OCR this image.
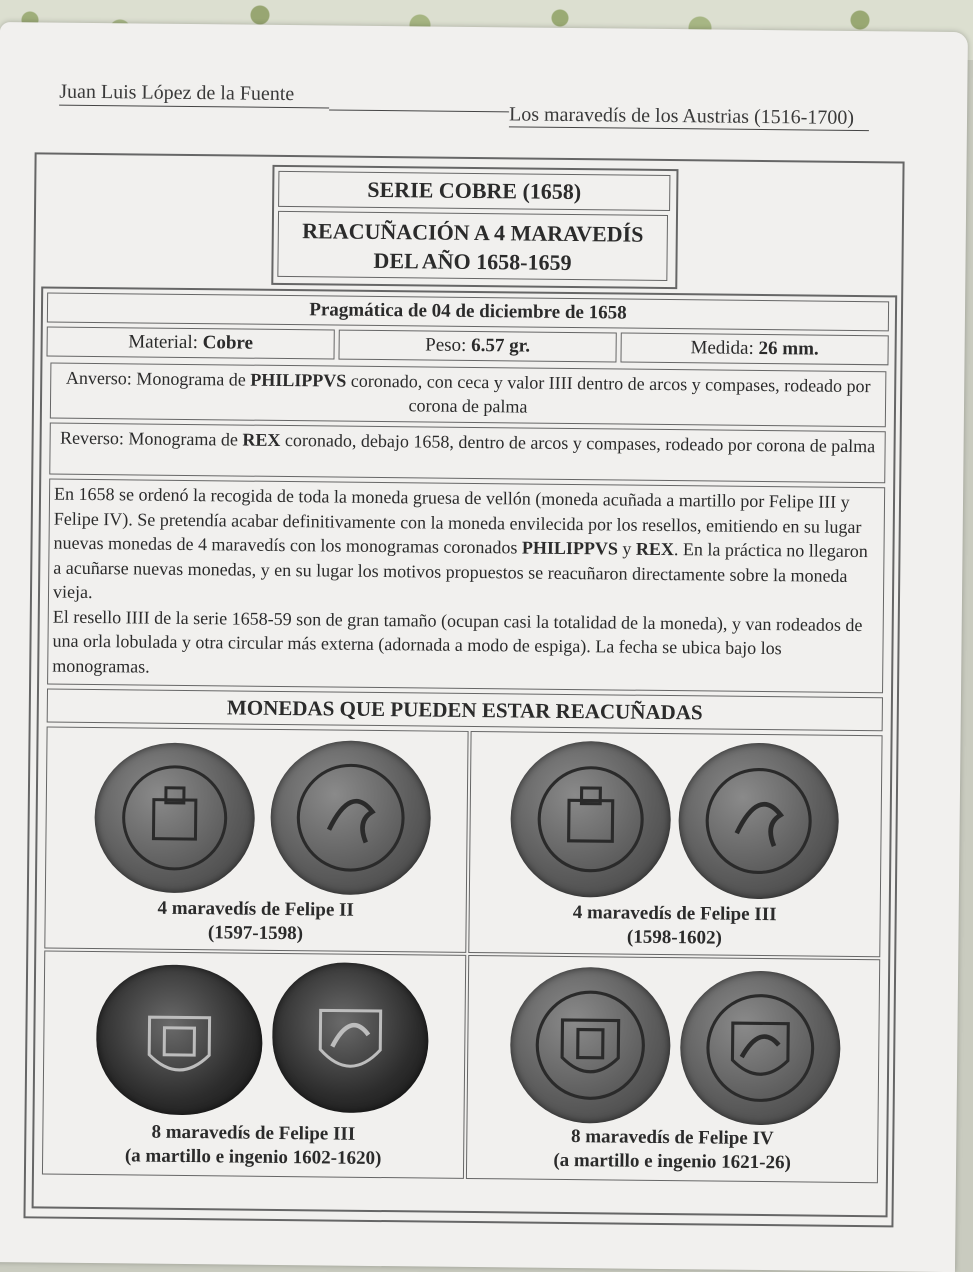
Juan Luis López de la Fuente
Los maravedís de los Austrias (1516-1700)
SERIE COBRE (1658)
REACUÑACIÓN A 4 MARAVEDÍS
DEL AÑO 1658-1659
Pragmática de 04 de diciembre de 1658
Material: Cobre	Peso: 6.57 gr.	Medida: 26 mm.
Anverso: Monograma de PHILIPPVS coronado, con ceca y valor IIII dentro de arcos y compases, rodeado por corona de palma
Reverso: Monograma de REX coronado, debajo 1658, dentro de arcos y compases, rodeado por corona de palma
En 1658 se ordenó la recogida de toda la moneda gruesa de vellón (moneda acuñada a martillo por Felipe III y Felipe IV). Se pretendía acabar definitivamente con la moneda envilecida por los resellos, emitiendo en su lugar nuevas monedas de 4 maravedís con los monogramas coronados PHILIPPVS y REX. En la práctica no llegaron a acuñarse nuevas monedas, y en su lugar los motivos propuestos se reacuñaron directamente sobre la moneda vieja.
El resello IIII de la serie 1658-59 son de gran tamaño (ocupan casi la totalidad de la moneda), y van rodeados de una orla lobulada y otra circular más externa (adornada a modo de espiga). La fecha se ubica bajo los monogramas.
MONEDAS QUE PUEDEN ESTAR REACUÑADAS
4 maravedís de Felipe II
(1597-1598)
4 maravedís de Felipe III
(1598-1602)
8 maravedís de Felipe III
(a martillo e ingenio 1602-1620)
8 maravedís de Felipe IV
(a martillo e ingenio 1621-26)
